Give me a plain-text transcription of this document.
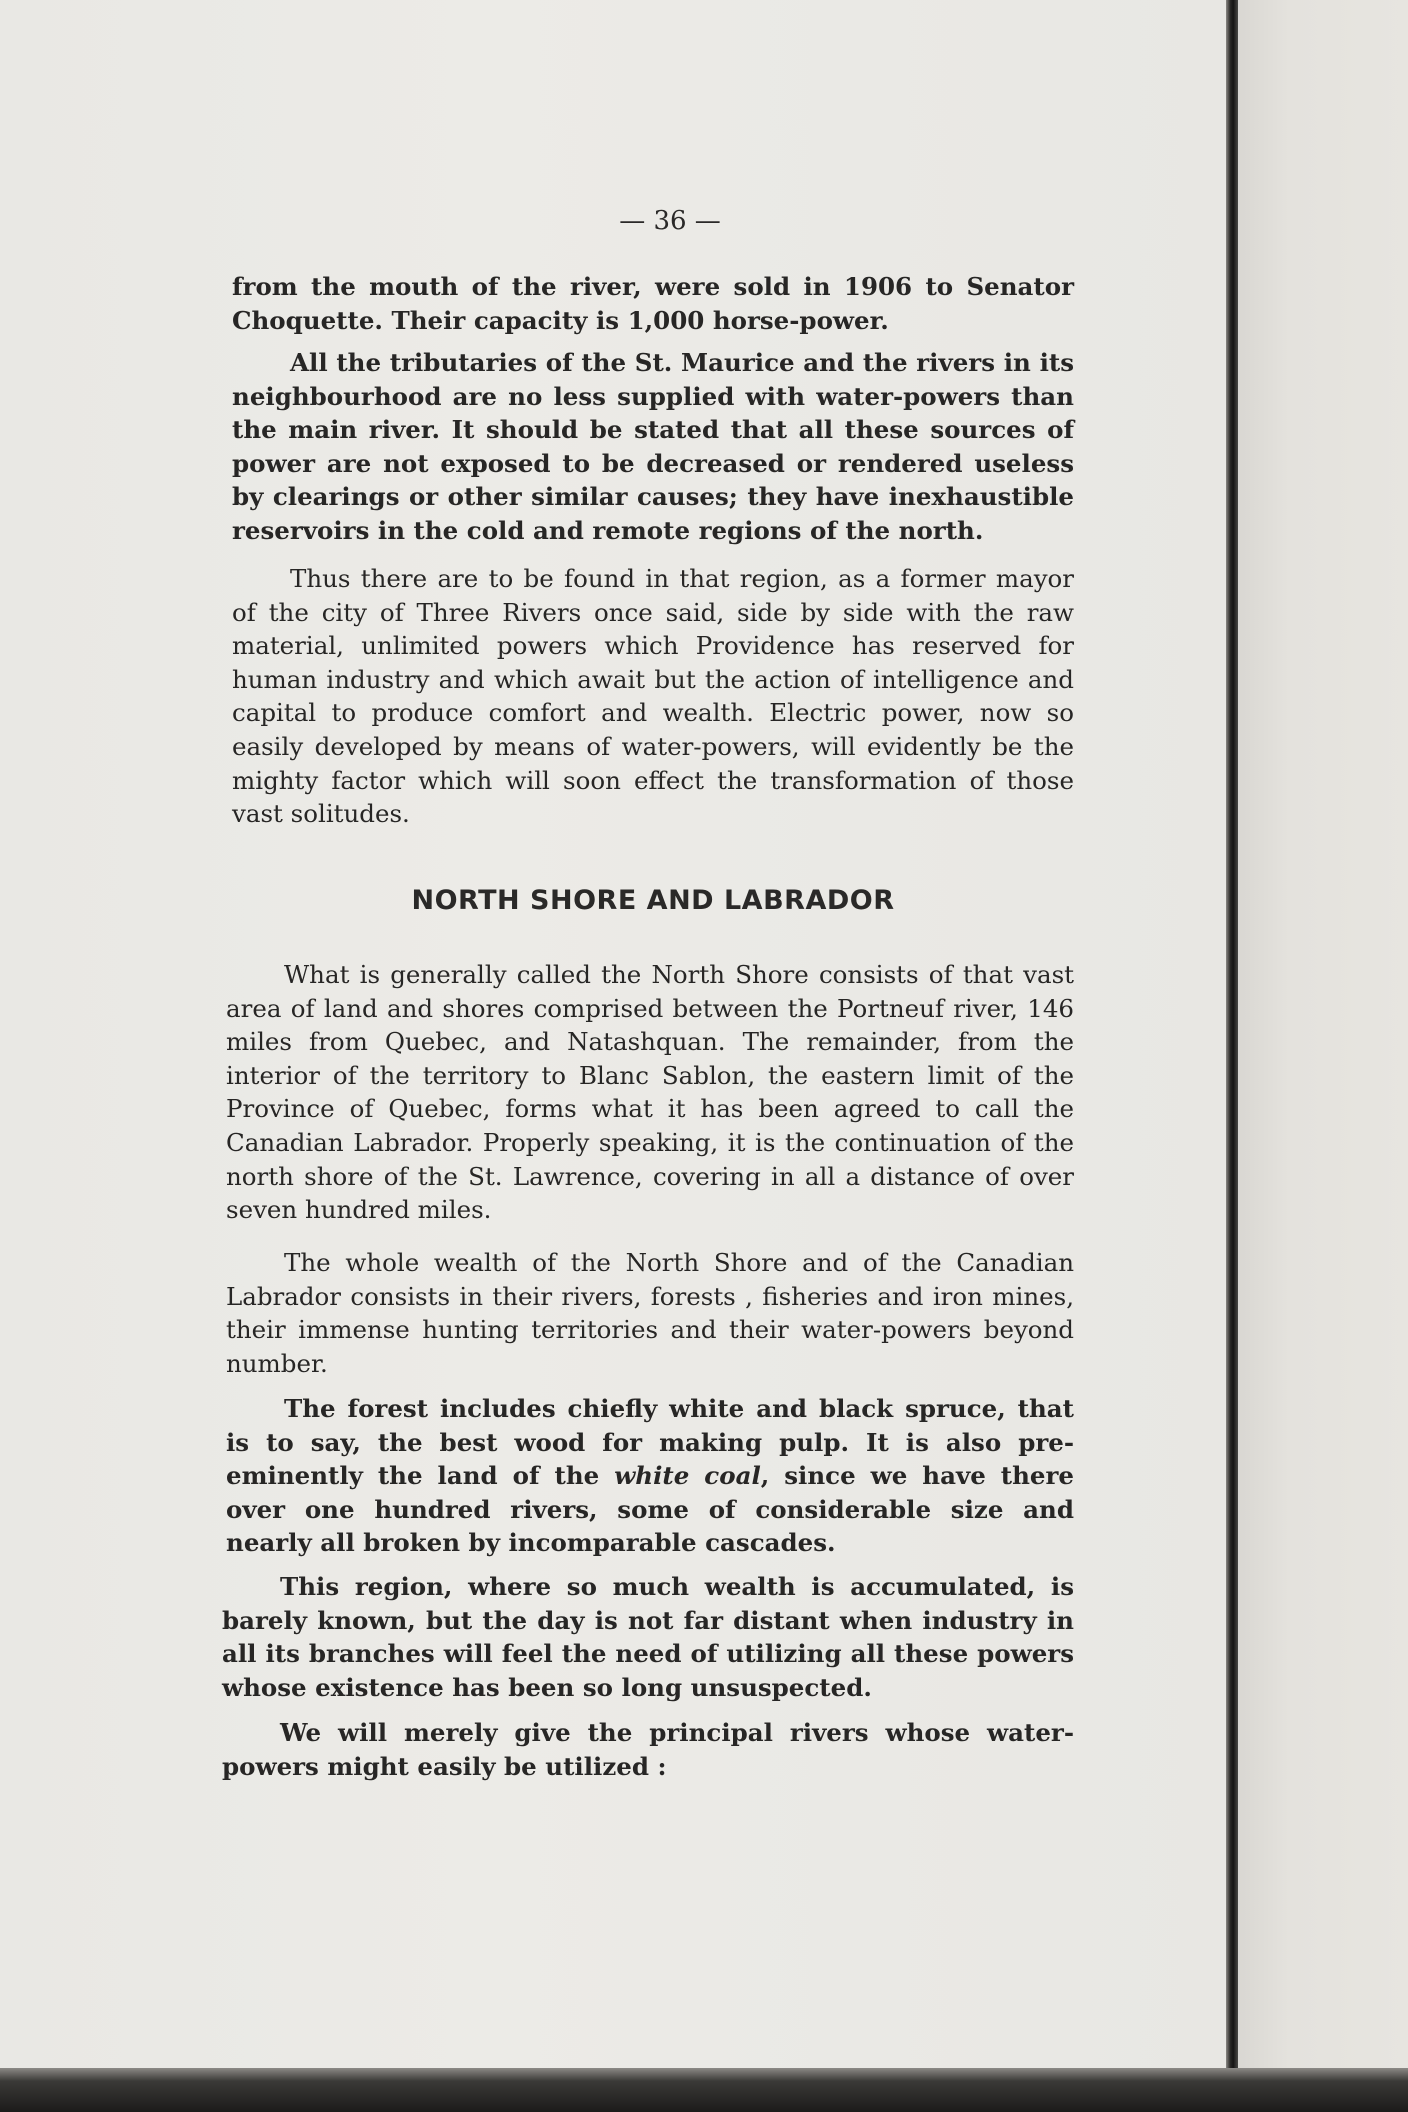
— 36 —

from the mouth of the river, were sold in 1906 to Senator Choquette. Their capacity is 1,000 horse-power.

All the tributaries of the St. Maurice and the rivers in its neighbourhood are no less supplied with water-powers than the main river. It should be stated that all these sources of power are not exposed to be decreased or rendered useless by clearings or other similar causes; they have inexhaustible reservoirs in the cold and remote regions of the north.

Thus there are to be found in that region, as a former mayor of the city of Three Rivers once said, side by side with the raw material, unlimited powers which Providence has reserved for human industry and which await but the action of intelligence and capital to produce comfort and wealth. Electric power, now so easily developed by means of water-powers, will evidently be the mighty factor which will soon effect the transformation of those vast solitudes.

NORTH SHORE AND LABRADOR

What is generally called the North Shore consists of that vast area of land and shores comprised between the Portneuf river, 146 miles from Quebec, and Natashquan. The remainder, from the interior of the territory to Blanc Sablon, the eastern limit of the Province of Quebec, forms what it has been agreed to call the Canadian Labrador. Properly speaking, it is the continuation of the north shore of the St. Lawrence, covering in all a distance of over seven hundred miles.

The whole wealth of the North Shore and of the Canadian Labrador consists in their rivers, forests , fisheries and iron mines, their immense hunting territories and their water-powers beyond number.

The forest includes chiefly white and black spruce, that is to say, the best wood for making pulp. It is also pre-eminently the land of the white coal, since we have there over one hundred rivers, some of considerable size and nearly all broken by incomparable cascades.

This region, where so much wealth is accumulated, is barely known, but the day is not far distant when industry in all its branches will feel the need of utilizing all these powers whose existence has been so long unsuspected.

We will merely give the principal rivers whose water-powers might easily be utilized :
